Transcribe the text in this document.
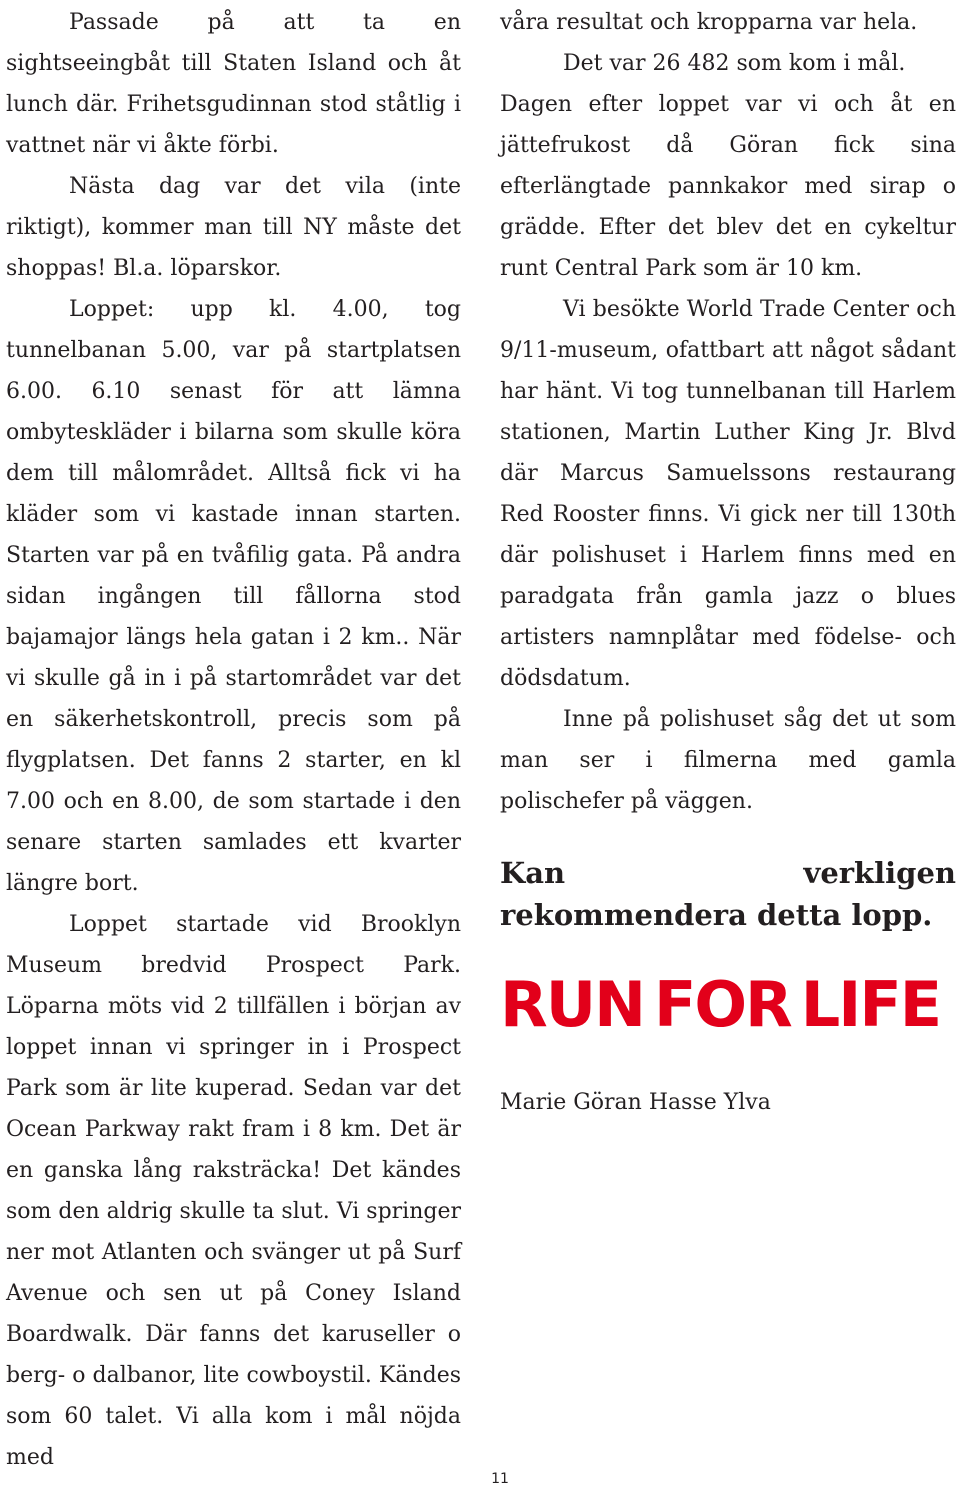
Passade på att ta en sightseeingbåt till Staten Island och åt lunch där. Frihetsgudinnan stod ståtlig i vattnet när vi åkte förbi.

Nästa dag var det vila (inte riktigt), kommer man till NY måste det shoppas! Bl.a. löparskor.

Loppet: upp kl. 4.00, tog tunnelbanan 5.00, var på startplatsen 6.00. 6.10 senast för att lämna ombyteskläder i bilarna som skulle köra dem till målområdet. Alltså fick vi ha kläder som vi kastade innan starten. Starten var på en tvåfilig gata. På andra sidan ingången till fållorna stod bajamajor längs hela gatan i 2 km.. När vi skulle gå in i på startområdet var det en säkerhetskontroll, precis som på flygplatsen. Det fanns 2 starter, en kl 7.00 och en 8.00, de som startade i den senare starten samlades ett kvarter längre bort.

Loppet startade vid Brooklyn Museum bredvid Prospect Park. Löparna möts vid 2 tillfällen i början av loppet innan vi springer in i Prospect Park som är lite kuperad. Sedan var det Ocean Parkway rakt fram i 8 km. Det är en ganska lång raksträcka! Det kändes som den aldrig skulle ta slut. Vi springer ner mot Atlanten och svänger ut på Surf Avenue och sen ut på Coney Island Boardwalk. Där fanns det karuseller o berg- o dalbanor, lite cowboystil. Kändes som 60 talet. Vi alla kom i mål nöjda med

våra resultat och kropparna var hela.

Det var 26 482 som kom i mål.

Dagen efter loppet var vi och åt en jättefrukost då Göran fick sina efterlängtade pannkakor med sirap o grädde. Efter det blev det en cykeltur runt Central Park som är 10 km.

Vi besökte World Trade Center och 9/11-museum, ofattbart att något sådant har hänt. Vi tog tunnelbanan till Harlem stationen, Martin Luther King Jr. Blvd där Marcus Samuelssons restaurang Red Rooster finns. Vi gick ner till 130th där polishuset i Harlem finns med en paradgata från gamla jazz o blues artisters namnplåtar med födelse- och dödsdatum.

Inne på polishuset såg det ut som man ser i filmerna med gamla polischefer på väggen.

Kan verkligen rekommendera detta lopp.
RUN FOR LIFE

Marie Göran Hasse Ylva

11
